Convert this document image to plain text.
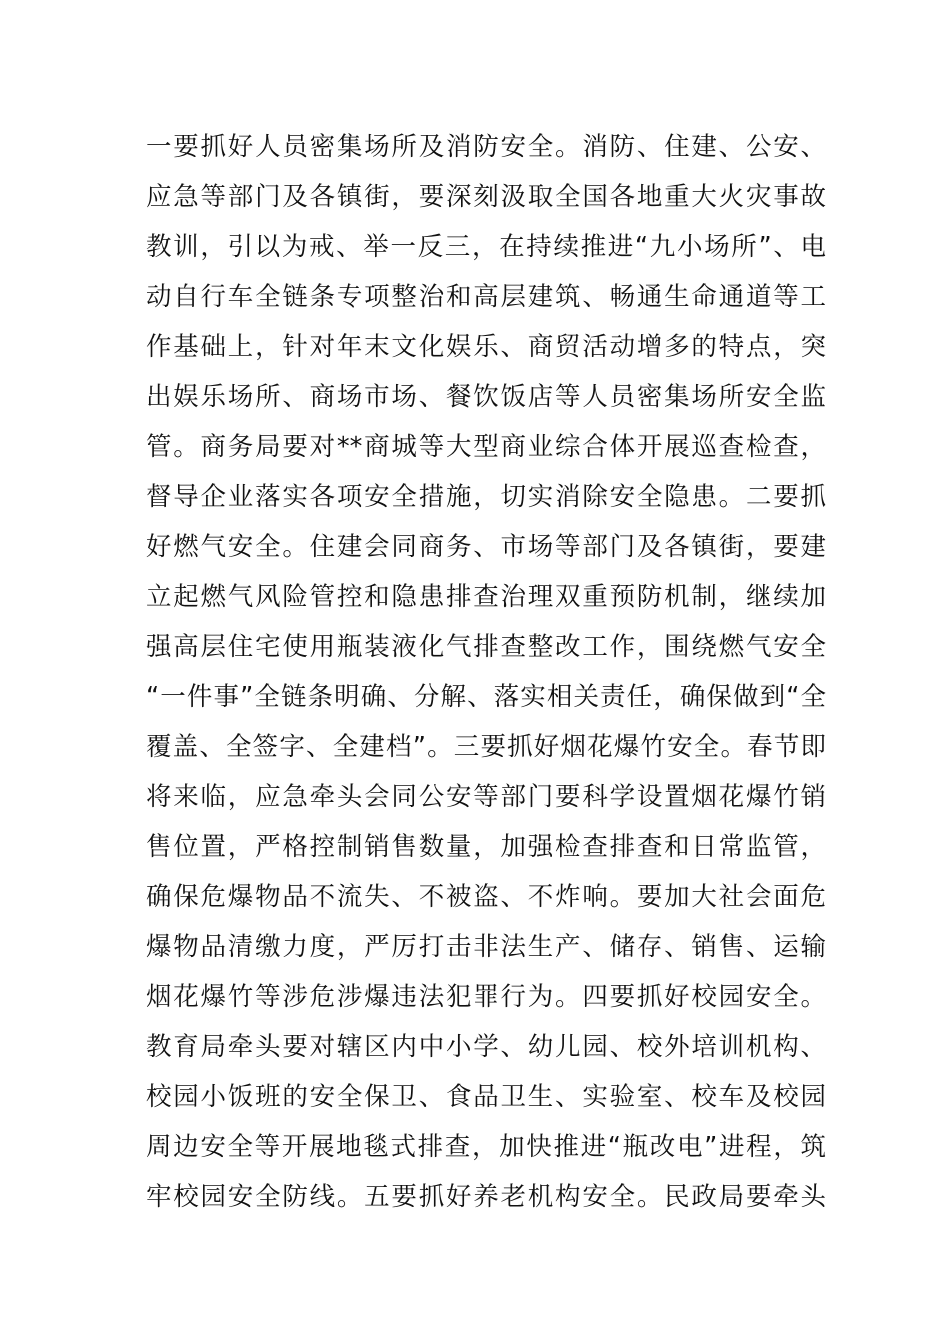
一要抓好人员密集场所及消防安全。消防、住建、公安、
应急等部门及各镇街，要深刻汲取全国各地重大火灾事故
教训，引以为戒、举一反三，在持续推进“九小场所”、电
动自行车全链条专项整治和高层建筑、畅通生命通道等工
作基础上，针对年末文化娱乐、商贸活动增多的特点，突
出娱乐场所、商场市场、餐饮饭店等人员密集场所安全监
管。商务局要对**商城等大型商业综合体开展巡查检查，
督导企业落实各项安全措施，切实消除安全隐患。二要抓
好燃气安全。住建会同商务、市场等部门及各镇街，要建
立起燃气风险管控和隐患排查治理双重预防机制，继续加
强高层住宅使用瓶装液化气排查整改工作，围绕燃气安全
“一件事”全链条明确、分解、落实相关责任，确保做到“全
覆盖、全签字、全建档”。三要抓好烟花爆竹安全。春节即
将来临，应急牵头会同公安等部门要科学设置烟花爆竹销
售位置，严格控制销售数量，加强检查排查和日常监管，
确保危爆物品不流失、不被盗、不炸响。要加大社会面危
爆物品清缴力度，严厉打击非法生产、储存、销售、运输
烟花爆竹等涉危涉爆违法犯罪行为。四要抓好校园安全。
教育局牵头要对辖区内中小学、幼儿园、校外培训机构、
校园小饭班的安全保卫、食品卫生、实验室、校车及校园
周边安全等开展地毯式排查，加快推进“瓶改电”进程，筑
牢校园安全防线。五要抓好养老机构安全。民政局要牵头
